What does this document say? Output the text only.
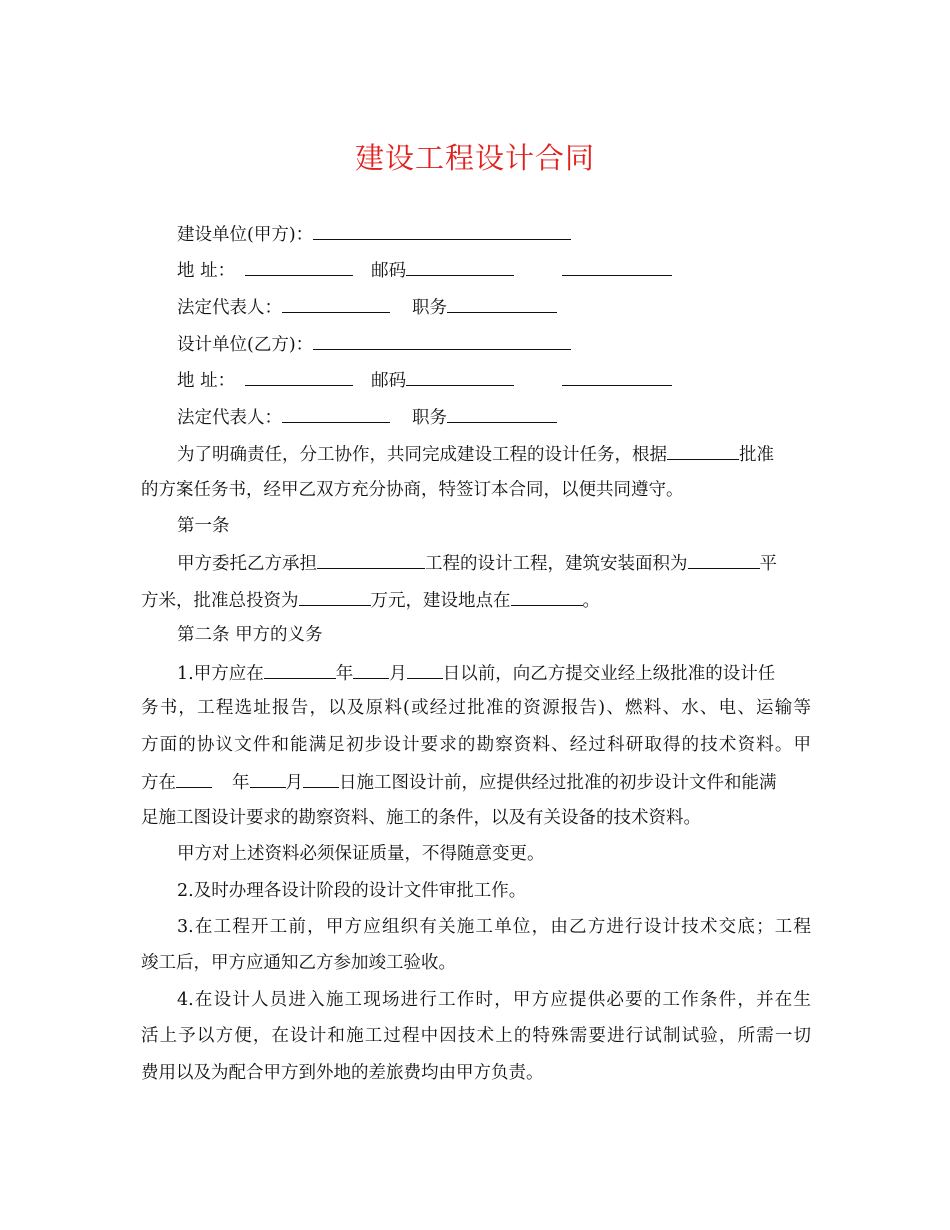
建设工程设计合同
建设单位(甲方)：
地 址：	邮码
法定代表人：	职务
设计单位(乙方)：
地 址：	邮码
法定代表人：	职务
为了明确责任，分工协作，共同完成建设工程的设计任务，根据	批准
的方案任务书，经甲乙双方充分协商，特签订本合同，以便共同遵守。
第一条
甲方委托乙方承担	工程的设计工程，建筑安装面积为	平
方米，批准总投资为	万元，建设地点在	。
第二条 甲方的义务
1.甲方应在	年 月 日以前，向乙方提交业经上级批准的设计任
务书，工程选址报告，以及原料(或经过批准的资源报告)、燃料、水、电、运输等
方面的协议文件和能满足初步设计要求的勘察资料、经过科研取得的技术资料。甲
方在	年 月 日施工图设计前，应提供经过批准的初步设计文件和能满
足施工图设计要求的勘察资料、施工的条件，以及有关设备的技术资料。
甲方对上述资料必须保证质量，不得随意变更。
2.及时办理各设计阶段的设计文件审批工作。
3.在工程开工前，甲方应组织有关施工单位，由乙方进行设计技术交底；工程
竣工后，甲方应通知乙方参加竣工验收。
4.在设计人员进入施工现场进行工作时，甲方应提供必要的工作条件，并在生
活上予以方便，在设计和施工过程中因技术上的特殊需要进行试制试验，所需一切
费用以及为配合甲方到外地的差旅费均由甲方负责。
